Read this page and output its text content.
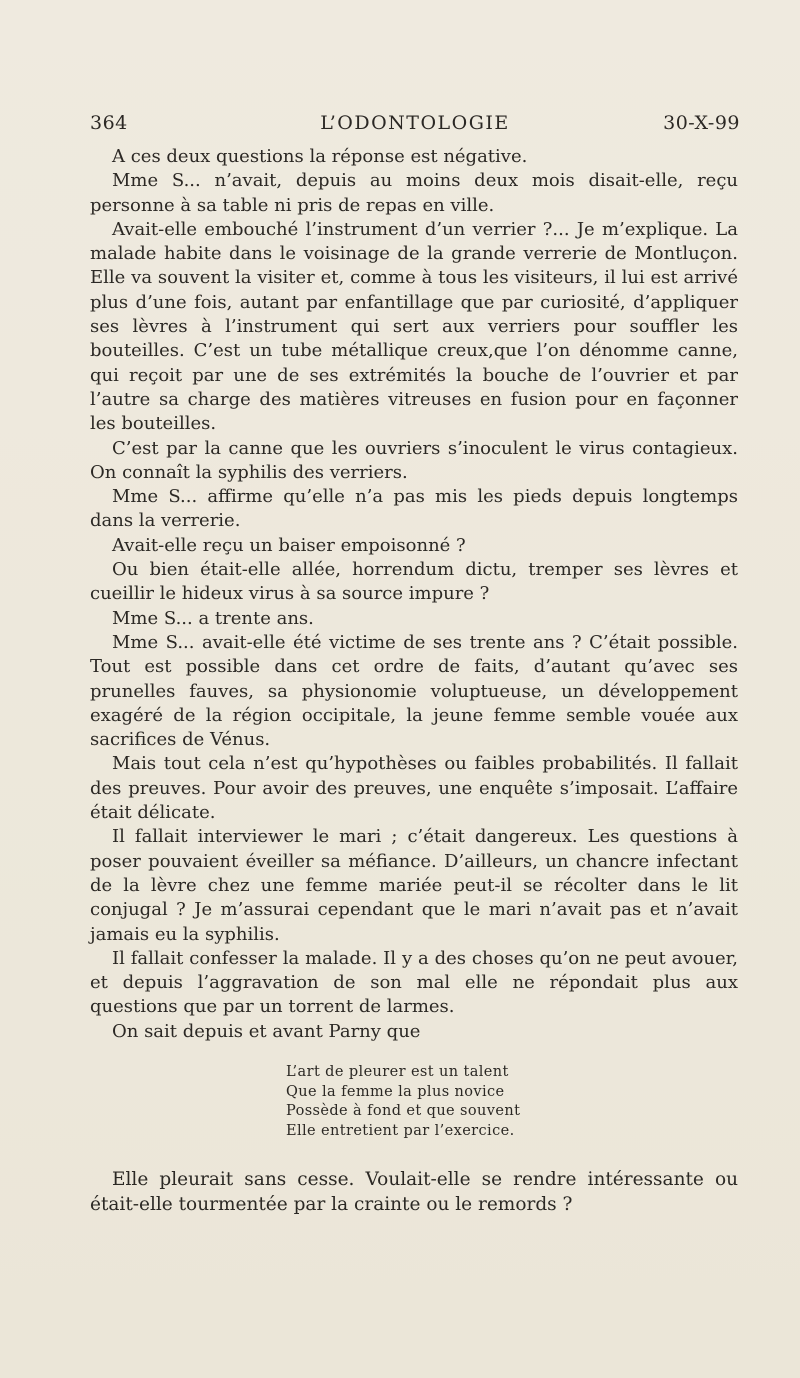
364	L’ODONTOLOGIE	30-X-99

A ces deux questions la réponse est négative.

Mme S... n’avait, depuis au moins deux mois disait-elle, reçu personne à sa table ni pris de repas en ville.

Avait-elle embouché l’instrument d’un verrier ?... Je m’explique. La malade habite dans le voisinage de la grande verrerie de Montluçon. Elle va souvent la visiter et, comme à tous les visiteurs, il lui est arrivé plus d’une fois, autant par enfantillage que par curiosité, d’appliquer ses lèvres à l’instrument qui sert aux verriers pour souffler les bouteilles. C’est un tube métallique creux,que l’on dénomme canne, qui reçoit par une de ses extrémités la bouche de l’ouvrier et par l’autre sa charge des matières vitreuses en fusion pour en façonner les bouteilles.

C’est par la canne que les ouvriers s’inoculent le virus contagieux. On connaît la syphilis des verriers.

Mme S... affirme qu’elle n’a pas mis les pieds depuis longtemps dans la verrerie.

Avait-elle reçu un baiser empoisonné ?

Ou bien était-elle allée, horrendum dictu, tremper ses lèvres et cueillir le hideux virus à sa source impure ?

Mme S... a trente ans.

Mme S... avait-elle été victime de ses trente ans ? C’était possible. Tout est possible dans cet ordre de faits, d’autant qu’avec ses prunelles fauves, sa physionomie voluptueuse, un développement exagéré de la région occipitale, la jeune femme semble vouée aux sacrifices de Vénus.

Mais tout cela n’est qu’hypothèses ou faibles probabilités. Il fallait des preuves. Pour avoir des preuves, une enquête s’imposait. L’affaire était délicate.

Il fallait interviewer le mari ; c’était dangereux. Les questions à poser pouvaient éveiller sa méfiance. D’ailleurs, un chancre infectant de la lèvre chez une femme mariée peut-il se récolter dans le lit conjugal ? Je m’assurai cependant que le mari n’avait pas et n’avait jamais eu la syphilis.

Il fallait confesser la malade. Il y a des choses qu’on ne peut avouer, et depuis l’aggravation de son mal elle ne répondait plus aux questions que par un torrent de larmes.

On sait depuis et avant Parny que

L’art de pleurer est un talent
Que la femme la plus novice
Possède à fond et que souvent
Elle entretient par l’exercice.

Elle pleurait sans cesse. Voulait-elle se rendre intéressante ou était-elle tourmentée par la crainte ou le remords ?
